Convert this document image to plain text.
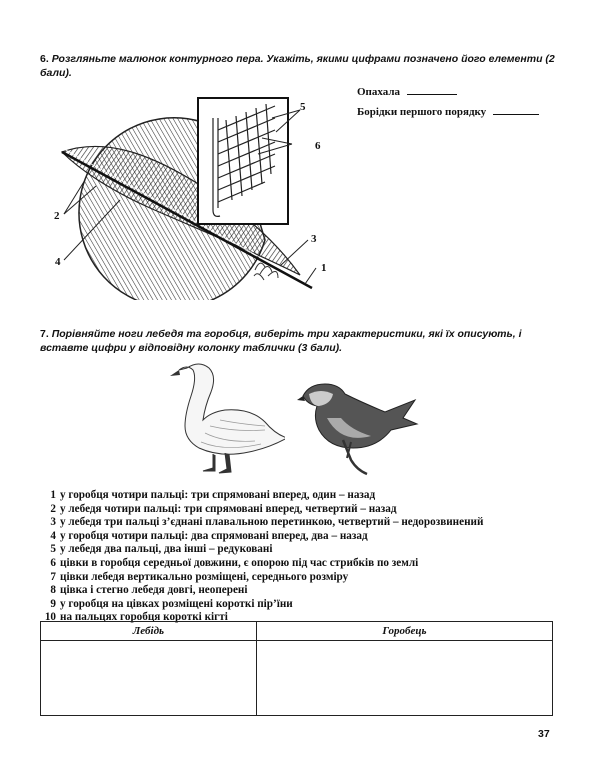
6. Розгляньте малюнок контурного пера. Укажіть, якими цифрами позначено його елементи (2 бали).
Опахала
Борідки першого порядку
5
6
2
4
3
1
7. Порівняйте ноги лебедя та горобця, виберіть три характеристики, які їх описують, і вставте цифри у відповідну колонку таблички (3 бали).
1 у горобця чотири пальці: три спрямовані вперед, один – назад
2 у лебедя чотири пальці: три спрямовані вперед, четвертий – назад
3 у лебедя три пальці з’єднані плавальною перетинкою, четвертий – недорозвинений
4 у горобця чотири пальці: два спрямовані вперед, два – назад
5 у лебедя два пальці, два інші – редуковані
6 цівки в горобця середньої довжини, є опорою під час стрибків по землі
7 цівки лебедя вертикально розміщені, середнього розміру
8 цівка і стегно лебедя довгі, неоперені
9 у горобця на цівках розміщені короткі пір’їни
10 на пальцях горобця короткі кігті
Лебідь	Горобець

37
